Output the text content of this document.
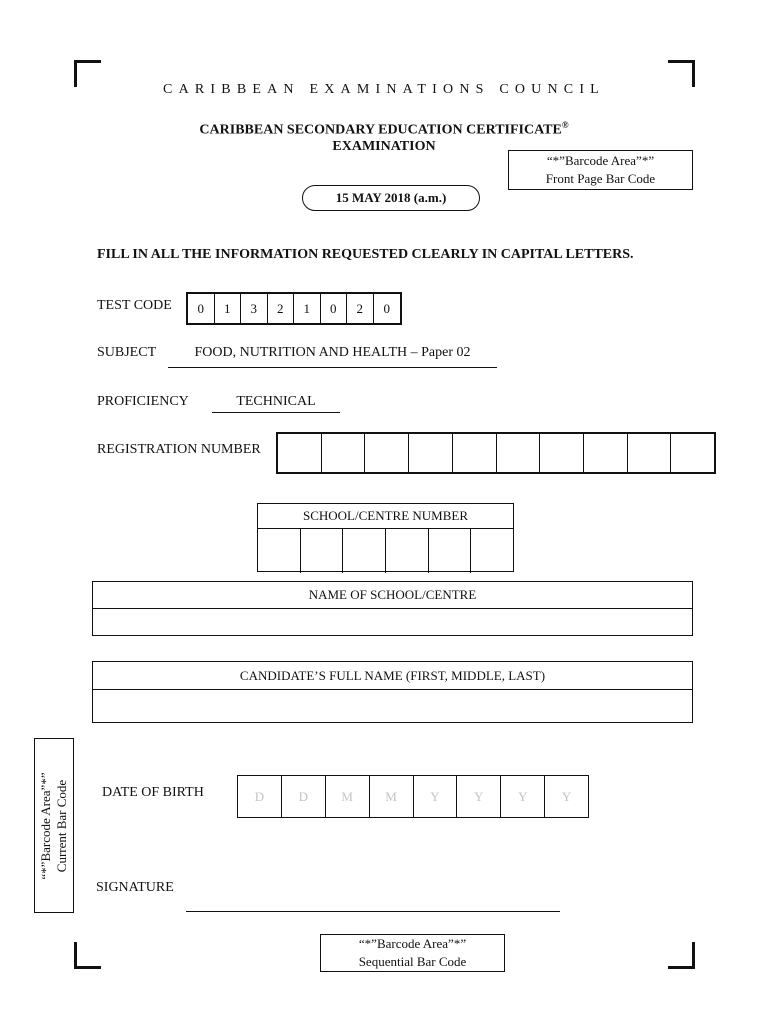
CARIBBEAN EXAMINATIONS COUNCIL
CARIBBEAN SECONDARY EDUCATION CERTIFICATE®
EXAMINATION
“*”Barcode Area”*”
Front Page Bar Code
15 MAY 2018 (a.m.)
FILL IN ALL THE INFORMATION REQUESTED CLEARLY IN CAPITAL LETTERS.
TEST CODE	0	1	3	2	1	0	2	0
SUBJECT	FOOD, NUTRITION AND HEALTH – Paper 02
PROFICIENCY	TECHNICAL
REGISTRATION NUMBER
SCHOOL/CENTRE NUMBER
NAME OF SCHOOL/CENTRE
CANDIDATE’S FULL NAME (FIRST, MIDDLE, LAST)
“*”Barcode Area”*” Current Bar Code DATE OF BIRTH	D	D	M	M	Y	Y	Y	Y
SIGNATURE
“*”Barcode Area”*”
Sequential Bar Code
